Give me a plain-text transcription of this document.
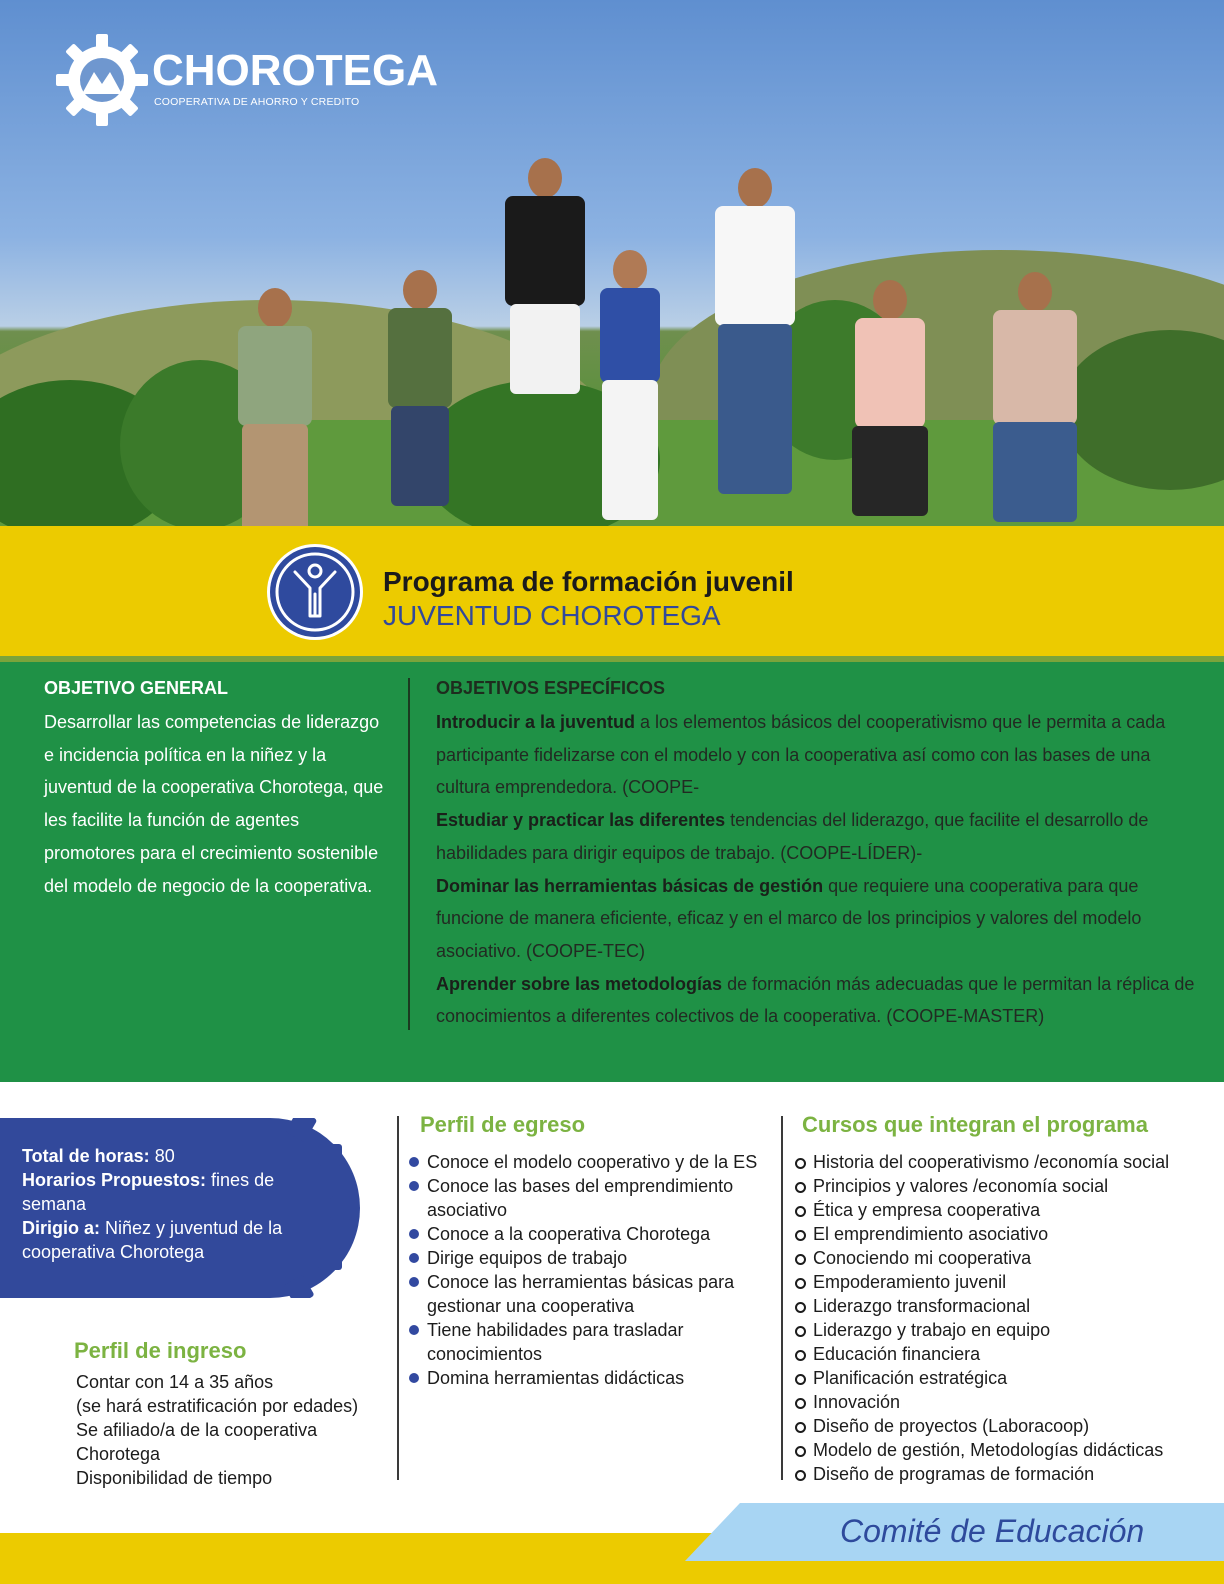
CHOROTEGA
COOPERATIVA DE AHORRO Y CREDITO
Programa de formación juvenil
JUVENTUD CHOROTEGA
OBJETIVO GENERAL
Desarrollar las competencias de liderazgo e incidencia política en la niñez y la juventud de la cooperativa Chorotega, que les facilite la función de agentes promotores para el crecimiento sostenible del modelo de negocio de la cooperativa.
OBJETIVOS ESPECÍFICOS

Introducir a la juventud a los elementos básicos del cooperativismo que le permita a cada participante fidelizarse con el modelo y con la cooperativa así como con las bases de una cultura emprendedora. (COOPE-

Estudiar y practicar las diferentes tendencias del liderazgo, que facilite el desarrollo de habilidades para dirigir equipos de trabajo. (COOPE-LÍDER)-

Dominar las herramientas básicas de gestión que requiere una cooperativa para que funcione de manera eficiente, eficaz y en el marco de los principios y valores del modelo asociativo. (COOPE-TEC)

Aprender sobre las metodologías de formación más adecuadas que le permitan la réplica de conocimientos a diferentes colectivos de la cooperativa. (COOPE-MASTER)

Total de horas: 80

Horarios Propuestos: fines de semana

Dirigio a: Niñez y juventud de la cooperativa Chorotega

Perfil de ingreso

Contar con 14 a 35 años

(se hará estratificación por edades)

Se afiliado/a de la cooperativa

Chorotega

Disponibilidad de tiempo

Perfil de egreso
Conoce el modelo cooperativo y de la ES
Conoce las bases del emprendimiento asociativo
Conoce a la cooperativa Chorotega
Dirige equipos de trabajo
Conoce las herramientas básicas para gestionar una cooperativa
Tiene habilidades para trasladar conocimientos
Domina herramientas didácticas
Cursos que integran el programa
Historia del cooperativismo /economía social
Principios y valores /economía social
Ética y empresa cooperativa
El emprendimiento asociativo
Conociendo mi cooperativa
Empoderamiento juvenil
Liderazgo transformacional
Liderazgo y trabajo en equipo
Educación financiera
Planificación estratégica
Innovación
Diseño de proyectos (Laboracoop)
Modelo de gestión, Metodologías didácticas
Diseño de programas de formación
Comité de Educación
